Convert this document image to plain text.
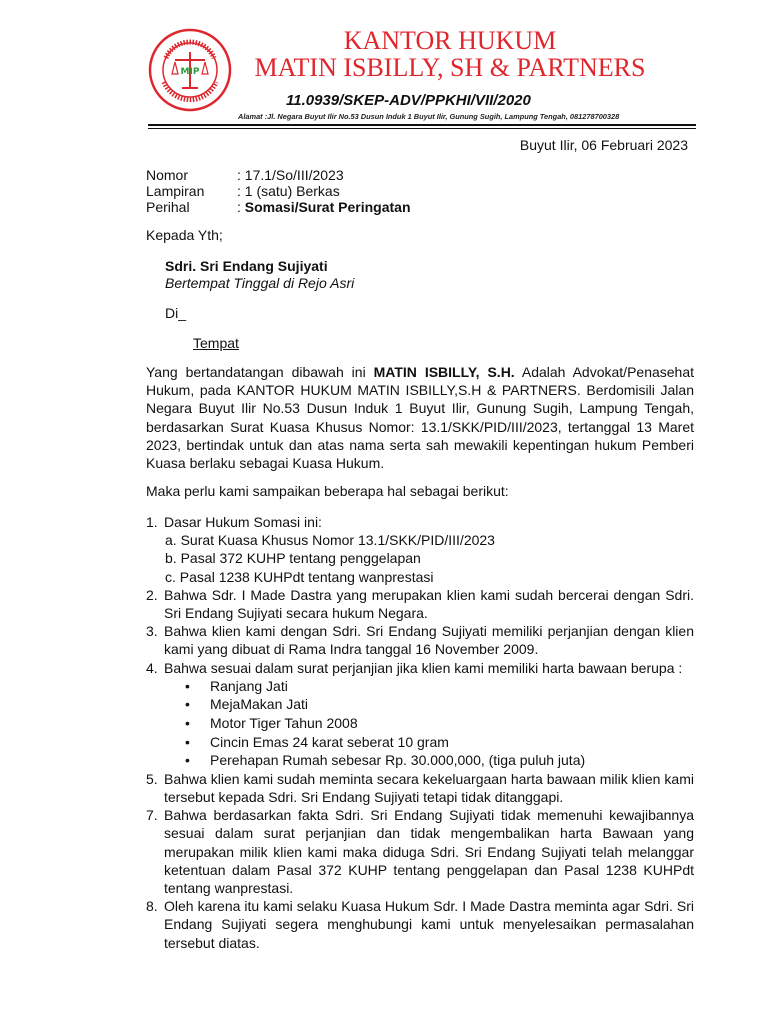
MIP
KANTOR HUKUM
MATIN ISBILLY, SH & PARTNERS
11.0939/SKEP-ADV/PPKHI/VII/2020
Alamat :Jl. Negara Buyut Ilir No.53 Dusun Induk 1 Buyut Ilir, Gunung Sugih, Lampung Tengah, 081278700328
Buyut Ilir, 06 Februari 2023
Nomor	: 17.1/So/III/2023
Lampiran	: 1 (satu) Berkas
Perihal	: Somasi/Surat Peringatan
Kepada Yth;
Sdri. Sri Endang Sujiyati
Bertempat Tinggal di Rejo Asri
Di_
Tempat
Yang bertandatangan dibawah ini MATIN ISBILLY, S.H. Adalah Advokat/Penasehat Hukum, pada KANTOR HUKUM MATIN ISBILLY,S.H & PARTNERS. Berdomisili Jalan Negara Buyut Ilir No.53 Dusun Induk 1 Buyut Ilir, Gunung Sugih, Lampung Tengah, berdasarkan Surat Kuasa Khusus Nomor: 13.1/SKK/PID/III/2023, tertanggal 13 Maret 2023, bertindak untuk dan atas nama serta sah mewakili kepentingan hukum Pemberi Kuasa berlaku sebagai Kuasa Hukum.
Maka perlu kami sampaikan beberapa hal sebagai berikut:
1. Dasar Hukum Somasi ini:
a. Surat Kuasa Khusus Nomor 13.1/SKK/PID/III/2023
b. Pasal 372 KUHP tentang penggelapan
c. Pasal 1238 KUHPdt tentang wanprestasi
2. Bahwa Sdr. I Made Dastra yang merupakan klien kami sudah bercerai dengan Sdri. Sri Endang Sujiyati secara hukum Negara.
3. Bahwa klien kami dengan Sdri. Sri Endang Sujiyati memiliki perjanjian dengan klien kami yang dibuat di Rama Indra tanggal 16 November 2009.
4. Bahwa sesuai dalam surat perjanjian jika klien kami memiliki harta bawaan berupa :
•	Ranjang Jati
•	MejaMakan Jati
•	Motor Tiger Tahun 2008
•	Cincin Emas 24 karat seberat 10 gram
•	Perehapan Rumah sebesar Rp. 30.000,000, (tiga puluh juta)
5. Bahwa klien kami sudah meminta secara kekeluargaan harta bawaan milik klien kami tersebut kepada Sdri. Sri Endang Sujiyati tetapi tidak ditanggapi.
7. Bahwa berdasarkan fakta Sdri. Sri Endang Sujiyati tidak memenuhi kewajibannya sesuai dalam surat perjanjian dan tidak mengembalikan harta Bawaan yang merupakan milik klien kami maka diduga Sdri. Sri Endang Sujiyati telah melanggar ketentuan dalam Pasal 372 KUHP tentang penggelapan dan Pasal 1238 KUHPdt tentang wanprestasi.
8. Oleh karena itu kami selaku Kuasa Hukum Sdr. I Made Dastra meminta agar Sdri. Sri Endang Sujiyati segera menghubungi kami untuk menyelesaikan permasalahan tersebut diatas.
